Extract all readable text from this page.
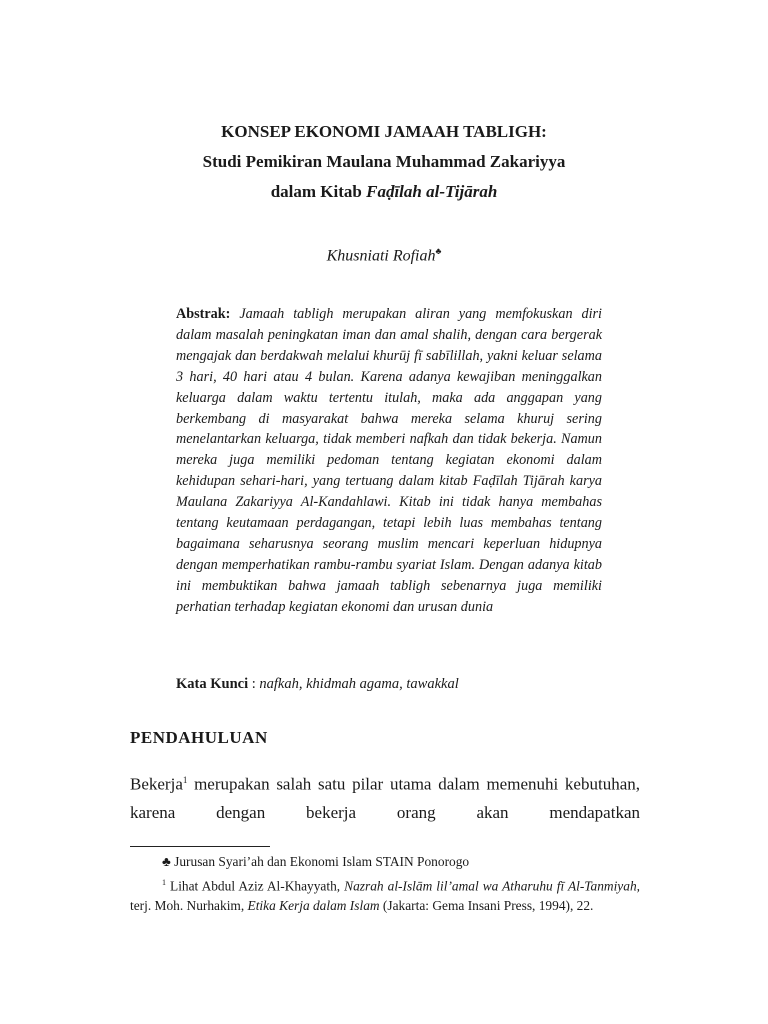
KONSEP EKONOMI JAMAAH TABLIGH:

Studi Pemikiran Maulana Muhammad Zakariyya

dalam Kitab Faḍīlah al-Tijārah

Khusniati Rofiah♣
Abstrak: Jamaah tabligh merupakan aliran yang memfokuskan diri dalam masalah peningkatan iman dan amal shalih, dengan cara bergerak mengajak dan berdakwah melalui khurūj fī sabīlillah, yakni keluar selama 3 hari, 40 hari atau 4 bulan. Karena adanya kewajiban meninggalkan keluarga dalam waktu tertentu itulah, maka ada anggapan yang berkembang di masyarakat bahwa mereka selama khuruj sering menelantarkan keluarga, tidak memberi nafkah dan tidak bekerja. Namun mereka juga memiliki pedoman tentang kegiatan ekonomi dalam kehidupan sehari-hari, yang tertuang dalam kitab Faḍīlah Tijārah karya Maulana Zakariyya Al-Kandahlawi. Kitab ini tidak hanya membahas tentang keutamaan perdagangan, tetapi lebih luas membahas tentang bagaimana seharusnya seorang muslim mencari keperluan hidupnya dengan memperhatikan rambu-rambu syariat Islam. Dengan adanya kitab ini membuktikan bahwa jamaah tabligh sebenarnya juga memiliki perhatian terhadap kegiatan ekonomi dan urusan dunia
Kata Kunci : nafkah, khidmah agama, tawakkal
PENDAHULUAN
Bekerja$^1$ merupakan salah satu pilar utama dalam memenuhi kebutuhan, karena dengan bekerja orang akan mendapatkan

♣ Jurusan Syari’ah dan Ekonomi Islam STAIN Ponorogo

$^1$ Lihat Abdul Aziz Al-Khayyath, Nazrah al-Islām lil’amal wa Atharuhu fī Al-Tanmiyah, terj. Moh. Nurhakim, Etika Kerja dalam Islam (Jakarta: Gema Insani Press, 1994), 22.
